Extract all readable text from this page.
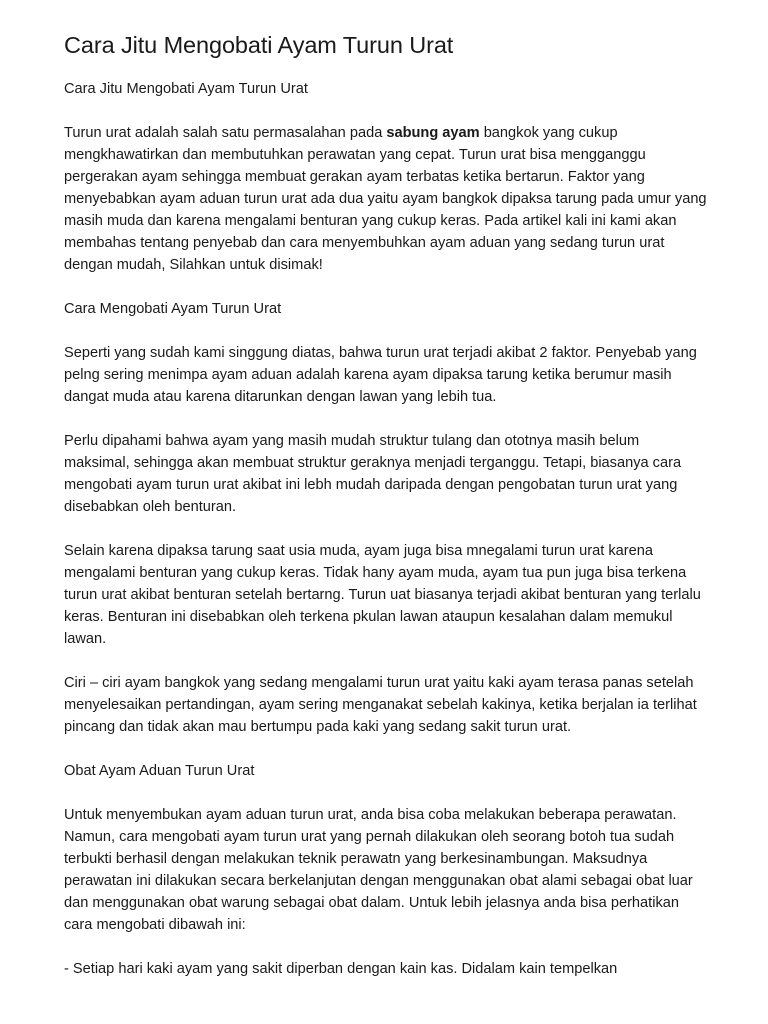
Cara Jitu Mengobati Ayam Turun Urat

Cara Jitu Mengobati Ayam Turun Urat

Turun urat adalah salah satu permasalahan pada sabung ayam bangkok yang cukup mengkhawatirkan dan membutuhkan perawatan yang cepat. Turun urat bisa mengganggu pergerakan ayam sehingga membuat gerakan ayam terbatas ketika bertarun. Faktor yang menyebabkan ayam aduan turun urat ada dua yaitu ayam bangkok dipaksa tarung pada umur yang masih muda dan karena mengalami benturan yang cukup keras. Pada artikel kali ini kami akan membahas tentang penyebab dan cara menyembuhkan ayam aduan yang sedang turun urat dengan mudah, Silahkan untuk disimak!

Cara Mengobati Ayam Turun Urat

Seperti yang sudah kami singgung diatas, bahwa turun urat terjadi akibat 2 faktor. Penyebab yang pelng sering menimpa ayam aduan adalah karena ayam dipaksa tarung ketika berumur masih dangat muda atau karena ditarunkan dengan lawan yang lebih tua.

Perlu dipahami bahwa ayam yang masih mudah struktur tulang dan ototnya masih belum maksimal, sehingga akan membuat struktur geraknya menjadi terganggu. Tetapi, biasanya cara mengobati ayam turun urat akibat ini lebh mudah daripada dengan pengobatan turun urat yang disebabkan oleh benturan.

Selain karena dipaksa tarung saat usia muda, ayam juga bisa mnegalami turun urat karena mengalami benturan yang cukup keras. Tidak hany ayam muda, ayam tua pun juga bisa terkena turun urat akibat benturan setelah bertarng. Turun uat biasanya terjadi akibat benturan yang terlalu keras. Benturan ini disebabkan oleh terkena pkulan lawan ataupun kesalahan dalam memukul lawan.

Ciri – ciri ayam bangkok yang sedang mengalami turun urat yaitu kaki ayam terasa panas setelah menyelesaikan pertandingan, ayam sering menganakat sebelah kakinya, ketika berjalan ia terlihat pincang dan tidak akan mau bertumpu pada kaki yang sedang sakit turun urat.

Obat Ayam Aduan Turun Urat

Untuk menyembukan ayam aduan turun urat, anda bisa coba melakukan beberapa perawatan. Namun, cara mengobati ayam turun urat yang pernah dilakukan oleh seorang botoh tua sudah terbukti berhasil dengan melakukan teknik perawatn yang berkesinambungan. Maksudnya perawatan ini dilakukan secara berkelanjutan dengan menggunakan obat alami sebagai obat luar dan menggunakan obat warung sebagai obat dalam. Untuk lebih jelasnya anda bisa perhatikan cara mengobati dibawah ini:

- Setiap hari kaki ayam yang sakit diperban dengan kain kas. Didalam kain tempelkan
